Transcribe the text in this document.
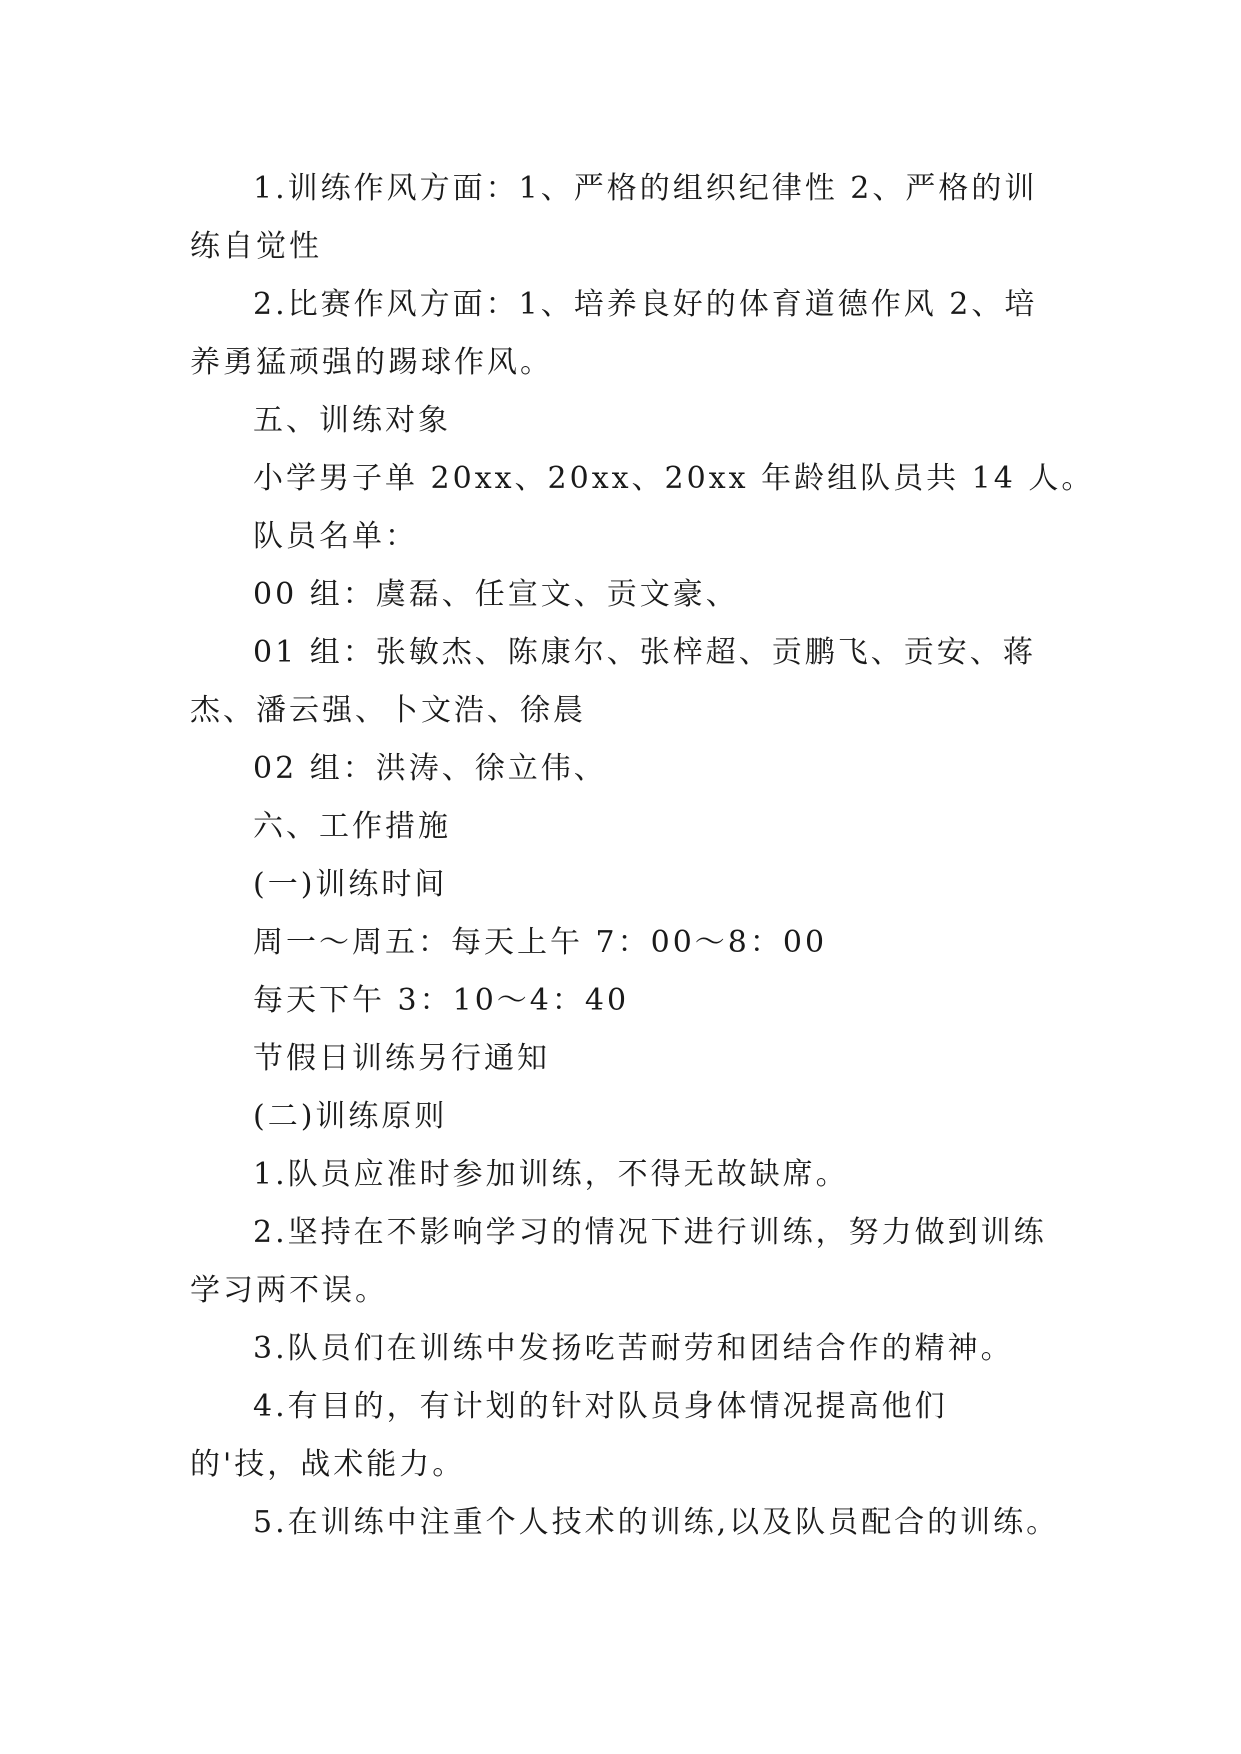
1.训练作风方面：1、严格的组织纪律性 2、严格的训练自觉性

2.比赛作风方面：1、培养良好的体育道德作风 2、培养勇猛顽强的踢球作风。

五、训练对象

小学男子单 20xx、20xx、20xx 年龄组队员共 14 人。

队员名单：

00 组：虞磊、任宣文、贡文豪、

01 组：张敏杰、陈康尔、张梓超、贡鹏飞、贡安、蒋杰、潘云强、卜文浩、徐晨

02 组：洪涛、徐立伟、

六、工作措施

(一)训练时间

周一～周五：每天上午 7：00～8：00

每天下午 3：10～4：40

节假日训练另行通知

(二)训练原则

1.队员应准时参加训练，不得无故缺席。

2.坚持在不影响学习的情况下进行训练，努力做到训练学习两不误。

3.队员们在训练中发扬吃苦耐劳和团结合作的精神。

4.有目的，有计划的针对队员身体情况提高他们的'技，战术能力。

5.在训练中注重个人技术的训练,以及队员配合的训练。
